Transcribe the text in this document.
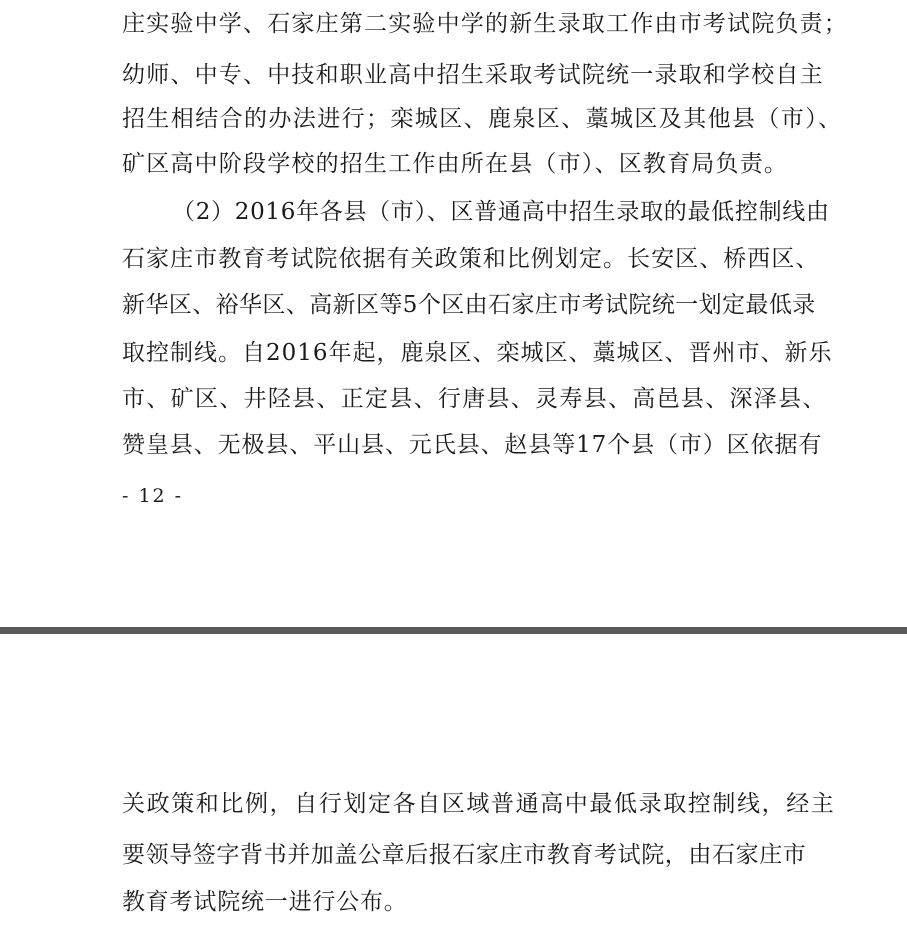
庄实验中学、石家庄第二实验中学的新生录取工作由市考试院负责；
幼师、中专、中技和职业高中招生采取考试院统一录取和学校自主
招生相结合的办法进行；栾城区、鹿泉区、藁城区及其他县（市）、
矿区高中阶段学校的招生工作由所在县（市）、区教育局负责。
（2）2016年各县（市）、区普通高中招生录取的最低控制线由
石家庄市教育考试院依据有关政策和比例划定。长安区、桥西区、
新华区、裕华区、高新区等5个区由石家庄市考试院统一划定最低录
取控制线。自2016年起，鹿泉区、栾城区、藁城区、晋州市、新乐
市、矿区、井陉县、正定县、行唐县、灵寿县、高邑县、深泽县、
赞皇县、无极县、平山县、元氏县、赵县等17个县（市）区依据有
- 12 -
关政策和比例，自行划定各自区域普通高中最低录取控制线，经主
要领导签字背书并加盖公章后报石家庄市教育考试院，由石家庄市
教育考试院统一进行公布。
